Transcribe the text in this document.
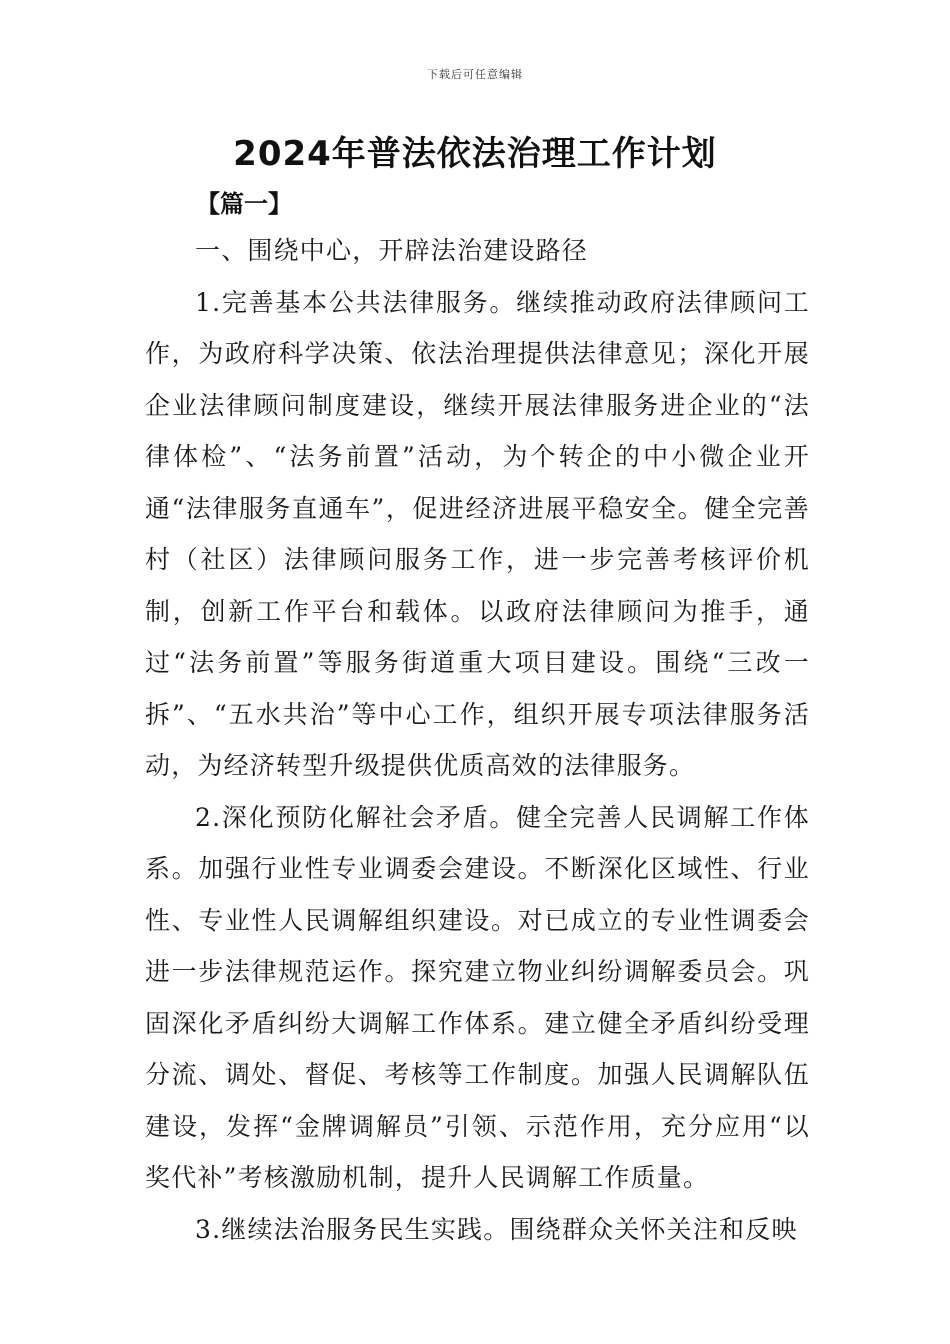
下载后可任意编辑
2024年普法依法治理工作计划
【篇一】

一、围绕中心，开辟法治建设路径

1.完善基本公共法律服务。继续推动政府法律顾问工作，为政府科学决策、依法治理提供法律意见；深化开展企业法律顾问制度建设，继续开展法律服务进企业的“法律体检”、“法务前置”活动，为个转企的中小微企业开通“法律服务直通车”，促进经济进展平稳安全。健全完善村（社区）法律顾问服务工作，进一步完善考核评价机制，创新工作平台和载体。以政府法律顾问为推手，通过“法务前置”等服务街道重大项目建设。围绕“三改一拆”、“五水共治”等中心工作，组织开展专项法律服务活动，为经济转型升级提供优质高效的法律服务。

2.深化预防化解社会矛盾。健全完善人民调解工作体系。加强行业性专业调委会建设。不断深化区域性、行业性、专业性人民调解组织建设。对已成立的专业性调委会进一步法律规范运作。探究建立物业纠纷调解委员会。巩固深化矛盾纠纷大调解工作体系。建立健全矛盾纠纷受理分流、调处、督促、考核等工作制度。加强人民调解队伍建设，发挥“金牌调解员”引领、示范作用，充分应用“以奖代补”考核激励机制，提升人民调解工作质量。

3.继续法治服务民生实践。围绕群众关怀关注和反映
